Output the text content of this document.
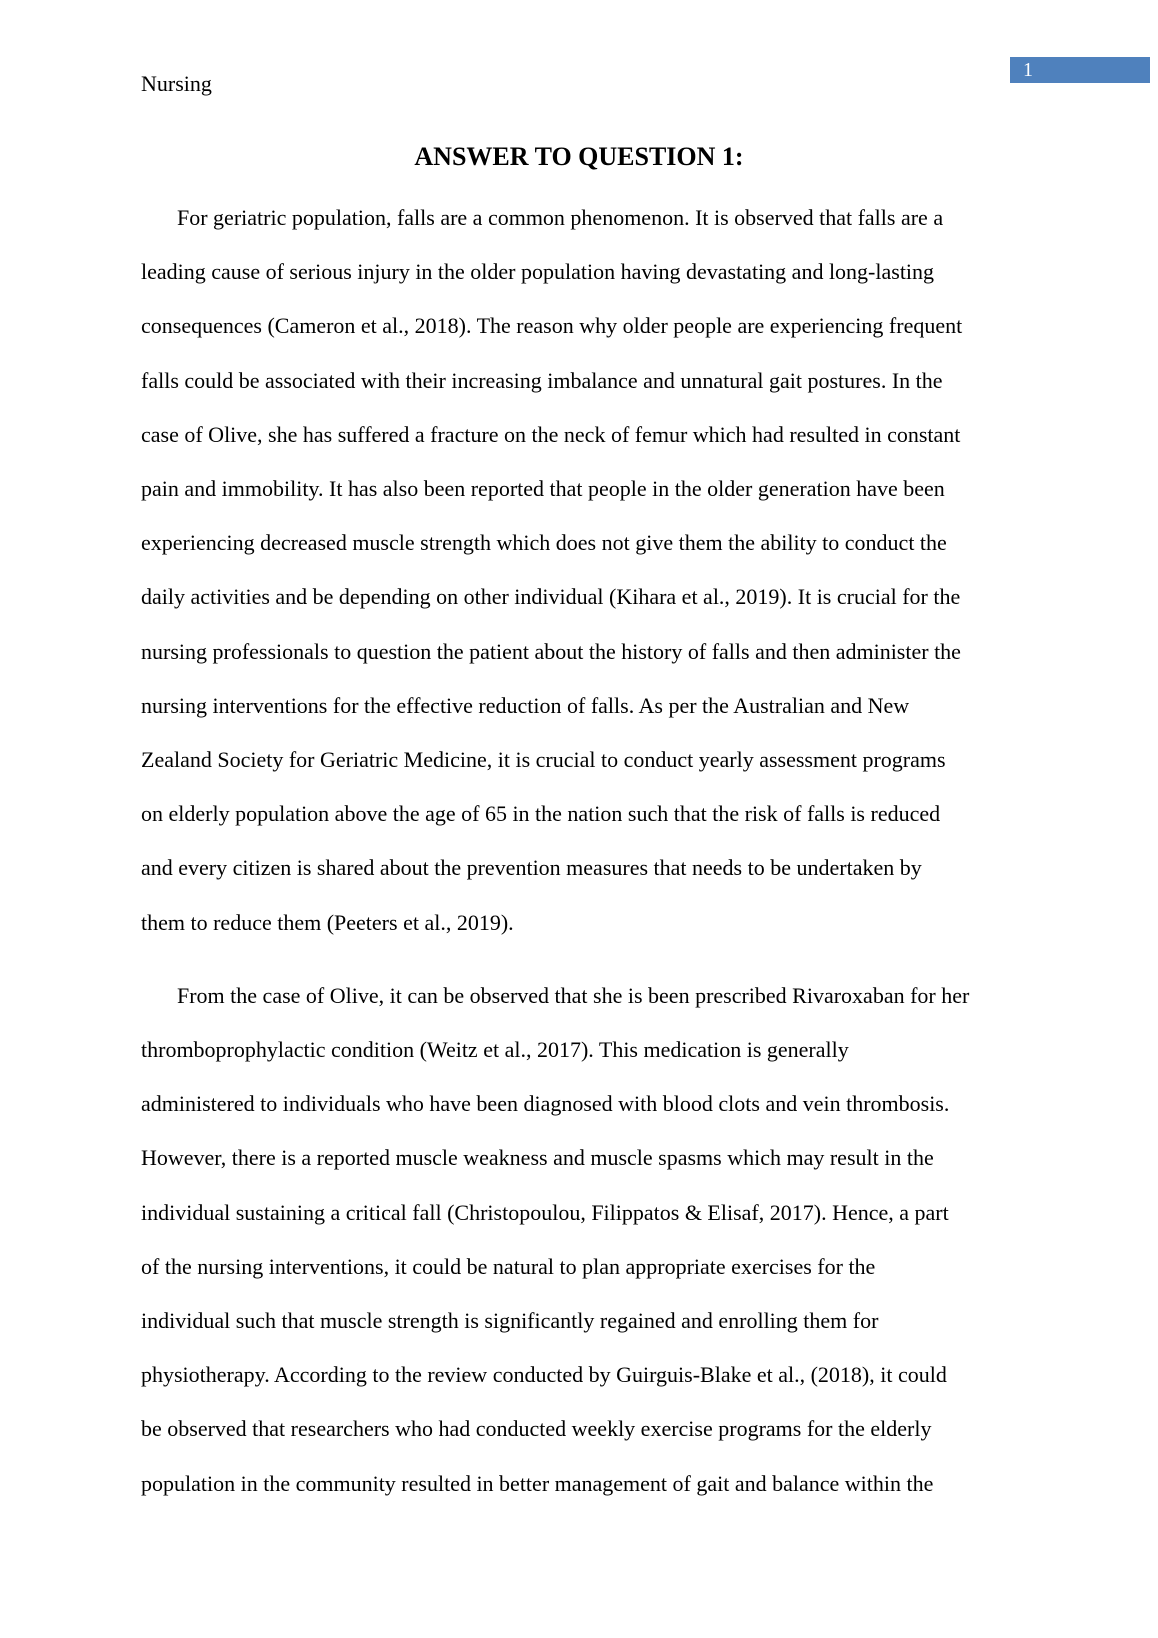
1
Nursing
ANSWER TO QUESTION 1:

For geriatric population, falls are a common phenomenon. It is observed that falls are a
leading cause of serious injury in the older population having devastating and long-lasting
consequences (Cameron et al., 2018). The reason why older people are experiencing frequent
falls could be associated with their increasing imbalance and unnatural gait postures. In the
case of Olive, she has suffered a fracture on the neck of femur which had resulted in constant
pain and immobility. It has also been reported that people in the older generation have been
experiencing decreased muscle strength which does not give them the ability to conduct the
daily activities and be depending on other individual (Kihara et al., 2019). It is crucial for the
nursing professionals to question the patient about the history of falls and then administer the
nursing interventions for the effective reduction of falls. As per the Australian and New
Zealand Society for Geriatric Medicine, it is crucial to conduct yearly assessment programs
on elderly population above the age of 65 in the nation such that the risk of falls is reduced
and every citizen is shared about the prevention measures that needs to be undertaken by
them to reduce them (Peeters et al., 2019).

From the case of Olive, it can be observed that she is been prescribed Rivaroxaban for her
thromboprophylactic condition (Weitz et al., 2017). This medication is generally
administered to individuals who have been diagnosed with blood clots and vein thrombosis.
However, there is a reported muscle weakness and muscle spasms which may result in the
individual sustaining a critical fall (Christopoulou, Filippatos & Elisaf, 2017). Hence, a part
of the nursing interventions, it could be natural to plan appropriate exercises for the
individual such that muscle strength is significantly regained and enrolling them for
physiotherapy. According to the review conducted by Guirguis-Blake et al., (2018), it could
be observed that researchers who had conducted weekly exercise programs for the elderly
population in the community resulted in better management of gait and balance within the
